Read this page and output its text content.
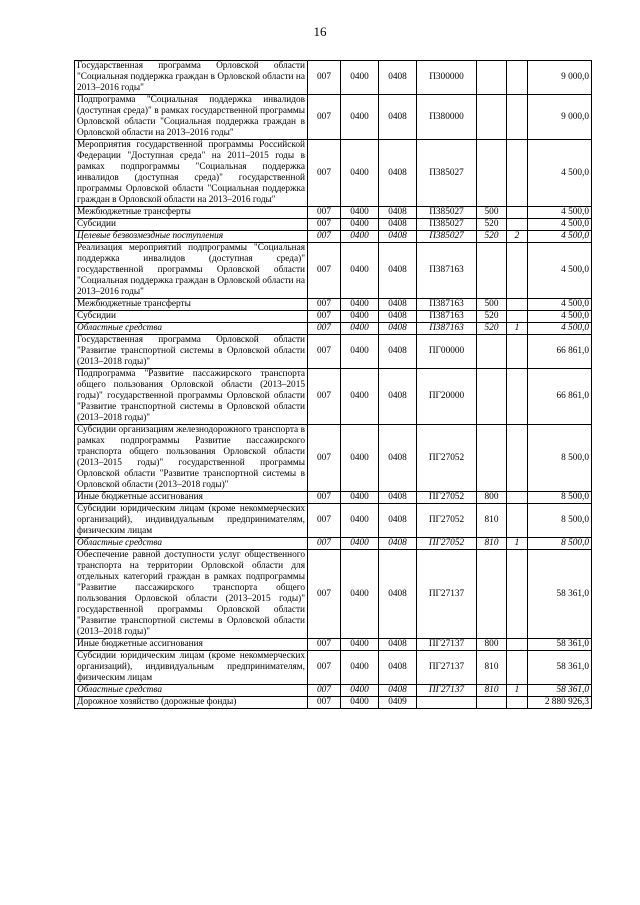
16
Государственная программа Орловской области "Социальная поддержка граждан в Орловской области на 2013–2016 годы"	007	0400	0408	П300000			9 000,0
Подпрограмма "Социальная поддержка инвалидов (доступная среда)" в рамках государственной программы Орловской области "Социальная поддержка граждан в Орловской области на 2013–2016 годы"	007	0400	0408	П380000			9 000,0
Мероприятия государственной программы Российской Федерации "Доступная среда" на 2011–2015 годы в рамках подпрограммы "Социальная поддержка инвалидов (доступная среда)" государственной программы Орловской области "Социальная поддержка граждан в Орловской области на 2013–2016 годы"	007	0400	0408	П385027			4 500,0
Межбюджетные трансферты	007	0400	0408	П385027	500		4 500,0
Субсидии	007	0400	0408	П385027	520		4 500,0
Целевые безвозмездные поступления	007	0400	0408	П385027	520	2	4 500,0
Реализация мероприятий подпрограммы "Социальная поддержка инвалидов (доступная среда)" государственной программы Орловской области "Социальная поддержка граждан в Орловской области на 2013–2016 годы"	007	0400	0408	П387163			4 500,0
Межбюджетные трансферты	007	0400	0408	П387163	500		4 500,0
Субсидии	007	0400	0408	П387163	520		4 500,0
Областные средства	007	0400	0408	П387163	520	1	4 500,0
Государственная программа Орловской области "Развитие транспортной системы в Орловской области (2013–2018 годы)"	007	0400	0408	ПГ00000			66 861,0
Подпрограмма "Развитие пассажирского транспорта общего пользования Орловской области (2013–2015 годы)" государственной программы Орловской области "Развитие транспортной системы в Орловской области (2013–2018 годы)"	007	0400	0408	ПГ20000			66 861,0
Субсидии организациям железнодорожного транспорта в рамках подпрограммы Развитие пассажирского транспорта общего пользования Орловской области (2013–2015 годы)" государственной программы Орловской области "Развитие транспортной системы в Орловской области (2013–2018 годы)"	007	0400	0408	ПГ27052			8 500,0
Иные бюджетные ассигнования	007	0400	0408	ПГ27052	800		8 500,0
Субсидии юридическим лицам (кроме некоммерческих организаций), индивидуальным предпринимателям, физическим лицам	007	0400	0408	ПГ27052	810		8 500,0
Областные средства	007	0400	0408	ПГ27052	810	1	8 500,0
Обеспечение равной доступности услуг общественного транспорта на территории Орловской области для отдельных категорий граждан в рамках подпрограммы "Развитие пассажирского транспорта общего пользования Орловской области (2013–2015 годы)" государственной программы Орловской области "Развитие транспортной системы в Орловской области (2013–2018 годы)"	007	0400	0408	ПГ27137			58 361,0
Иные бюджетные ассигнования	007	0400	0408	ПГ27137	800		58 361,0
Субсидии юридическим лицам (кроме некоммерческих организаций), индивидуальным предпринимателям, физическим лицам	007	0400	0408	ПГ27137	810		58 361,0
Областные средства	007	0400	0408	ПГ27137	810	1	58 361,0
Дорожное хозяйство (дорожные фонды)	007	0400	0409				2 880 926,3
